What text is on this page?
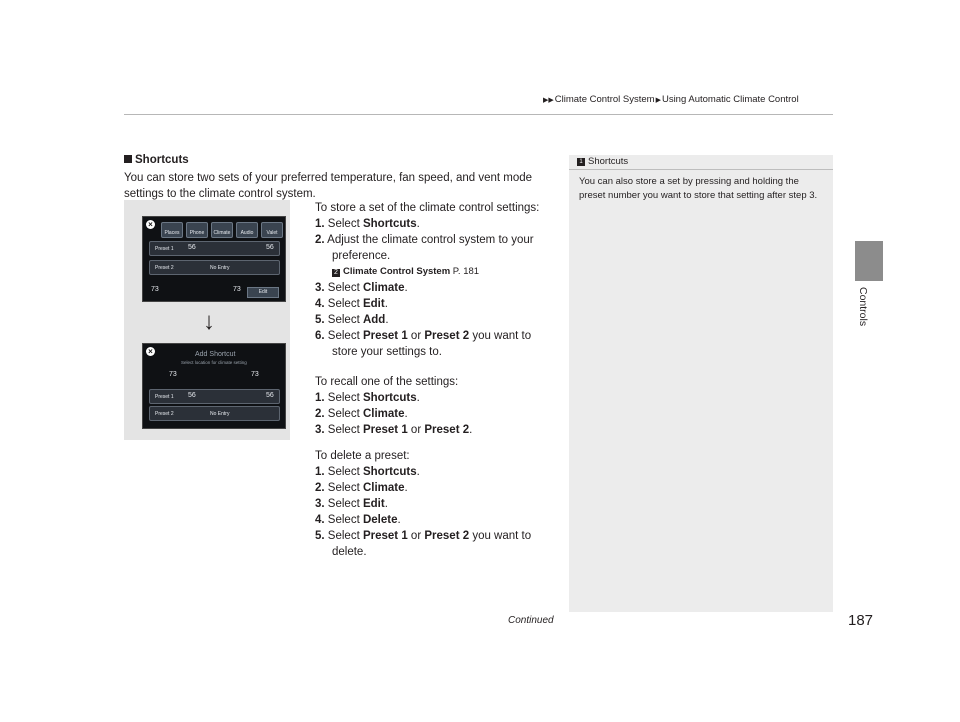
▶▶Climate Control System▶Using Automatic Climate Control
Controls
Shortcuts
You can store two sets of your preferred temperature, fan speed, and vent mode settings to the climate control system.
×
Places	Phone	Climate	Audio	Valet
Preset 1 56	56
Preset 2	No Entry
73	73	Edit
×	Add Shortcut
Select location for climate setting
73	73
Preset 1 56	56
Preset 2	No Entry
↓
To store a set of the climate control settings:
1. Select Shortcuts.
2. Adjust the climate control system to your
preference.
2 Climate Control System P. 181
3. Select Climate.
4. Select Edit.
5. Select Add.
6. Select Preset 1 or Preset 2 you want to
store your settings to.
To recall one of the settings:
1. Select Shortcuts.
2. Select Climate.
3. Select Preset 1 or Preset 2.
To delete a preset:
1. Select Shortcuts.
2. Select Climate.
3. Select Edit.
4. Select Delete.
5. Select Preset 1 or Preset 2 you want to
delete.
1 Shortcuts
You can also store a set by pressing and holding the preset number you want to store that setting after step 3.
Continued	187
